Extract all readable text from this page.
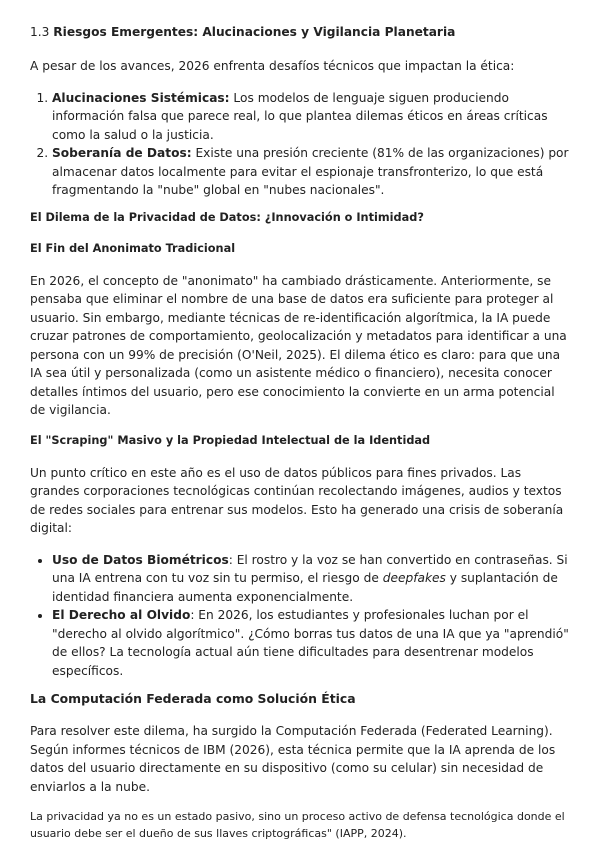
1.3 Riesgos Emergentes: Alucinaciones y Vigilancia Planetaria

A pesar de los avances, 2026 enfrenta desafíos técnicos que impactan la ética:

1. Alucinaciones Sistémicas: Los modelos de lenguaje siguen produciendo información falsa que parece real, lo que plantea dilemas éticos en áreas críticas como la salud o la justicia.
2. Soberanía de Datos: Existe una presión creciente (81% de las organizaciones) por almacenar datos localmente para evitar el espionaje transfronterizo, lo que está fragmentando la "nube" global en "nubes nacionales".
El Dilema de la Privacidad de Datos: ¿Innovación o Intimidad?
El Fin del Anonimato Tradicional

En 2026, el concepto de "anonimato" ha cambiado drásticamente. Anteriormente, se pensaba que eliminar el nombre de una base de datos era suficiente para proteger al usuario. Sin embargo, mediante técnicas de re-identificación algorítmica, la IA puede cruzar patrones de comportamiento, geolocalización y metadatos para identificar a una persona con un 99% de precisión (O'Neil, 2025). El dilema ético es claro: para que una IA sea útil y personalizada (como un asistente médico o financiero), necesita conocer detalles íntimos del usuario, pero ese conocimiento la convierte en un arma potencial de vigilancia.

El "Scraping" Masivo y la Propiedad Intelectual de la Identidad

Un punto crítico en este año es el uso de datos públicos para fines privados. Las grandes corporaciones tecnológicas continúan recolectando imágenes, audios y textos de redes sociales para entrenar sus modelos. Esto ha generado una crisis de soberanía digital:

• Uso de Datos Biométricos: El rostro y la voz se han convertido en contraseñas. Si una IA entrena con tu voz sin tu permiso, el riesgo de deepfakes y suplantación de identidad financiera aumenta exponencialmente.
• El Derecho al Olvido: En 2026, los estudiantes y profesionales luchan por el "derecho al olvido algorítmico". ¿Cómo borras tus datos de una IA que ya "aprendió" de ellos? La tecnología actual aún tiene dificultades para desentrenar modelos específicos.
La Computación Federada como Solución Ética

Para resolver este dilema, ha surgido la Computación Federada (Federated Learning). Según informes técnicos de IBM (2026), esta técnica permite que la IA aprenda de los datos del usuario directamente en su dispositivo (como su celular) sin necesidad de enviarlos a la nube.

La privacidad ya no es un estado pasivo, sino un proceso activo de defensa tecnológica donde el usuario debe ser el dueño de sus llaves criptográficas" (IAPP, 2024).
